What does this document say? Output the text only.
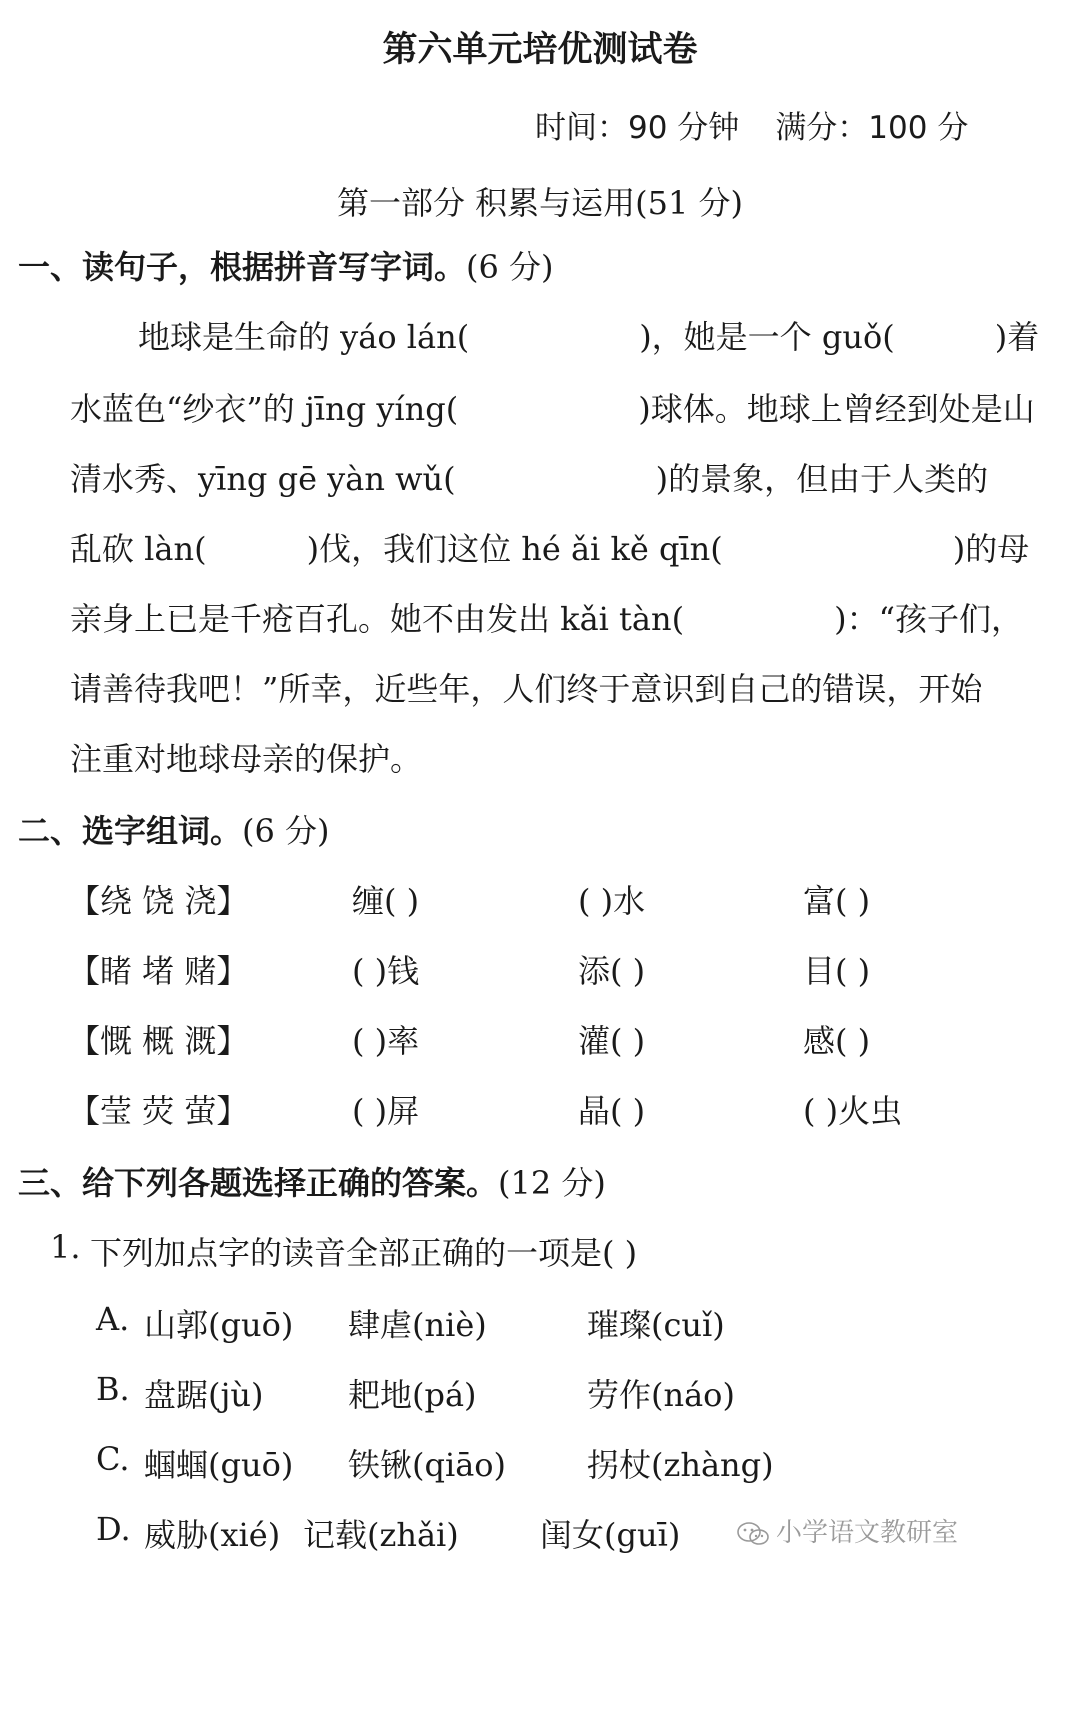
第六单元培优测试卷
时间：90 分钟 满分：100 分
第一部分 积累与运用(51 分)
一、读句子，根据拼音写字词。(6 分)
地球是生命的 yáo lán(	)，她是一个 guǒ(	)着
水蓝色“纱衣”的 jīng yíng(	)球体。地球上曾经到处是山
清水秀、yīng gē yàn wǔ(	)的景象，但由于人类的
乱砍 làn(	)伐，我们这位 hé ǎi kě qīn(	)的母
亲身上已是千疮百孔。她不由发出 kǎi tàn(	)：“孩子们，
请善待我吧！”所幸，近些年，人们终于意识到自己的错误，开始
注重对地球母亲的保护。
二、选字组词。(6 分)
【绕 饶 浇】	缠( )	( )水	富( )
【睹 堵 赌】	( )钱	添( )	目( )
【慨 概 溉】	( )率	灌( )	感( )
【莹 荧 萤】	( )屏	晶( )	( )火虫
三、给下列各题选择正确的答案。(12 分)
1. 下列加点字的读音全部正确的一项是( )
A. 山郭(guō) 肆虐(niè)	璀璨(cuǐ)
B. 盘踞(jù)	耙地(pá)	劳作(náo)
C. 蝈蝈(guō) 铁锹(qiāo)	拐杖(zhàng)
D. 威胁(xié) 记载(zhǎi)	闺女(guī)	小学语文教研室
